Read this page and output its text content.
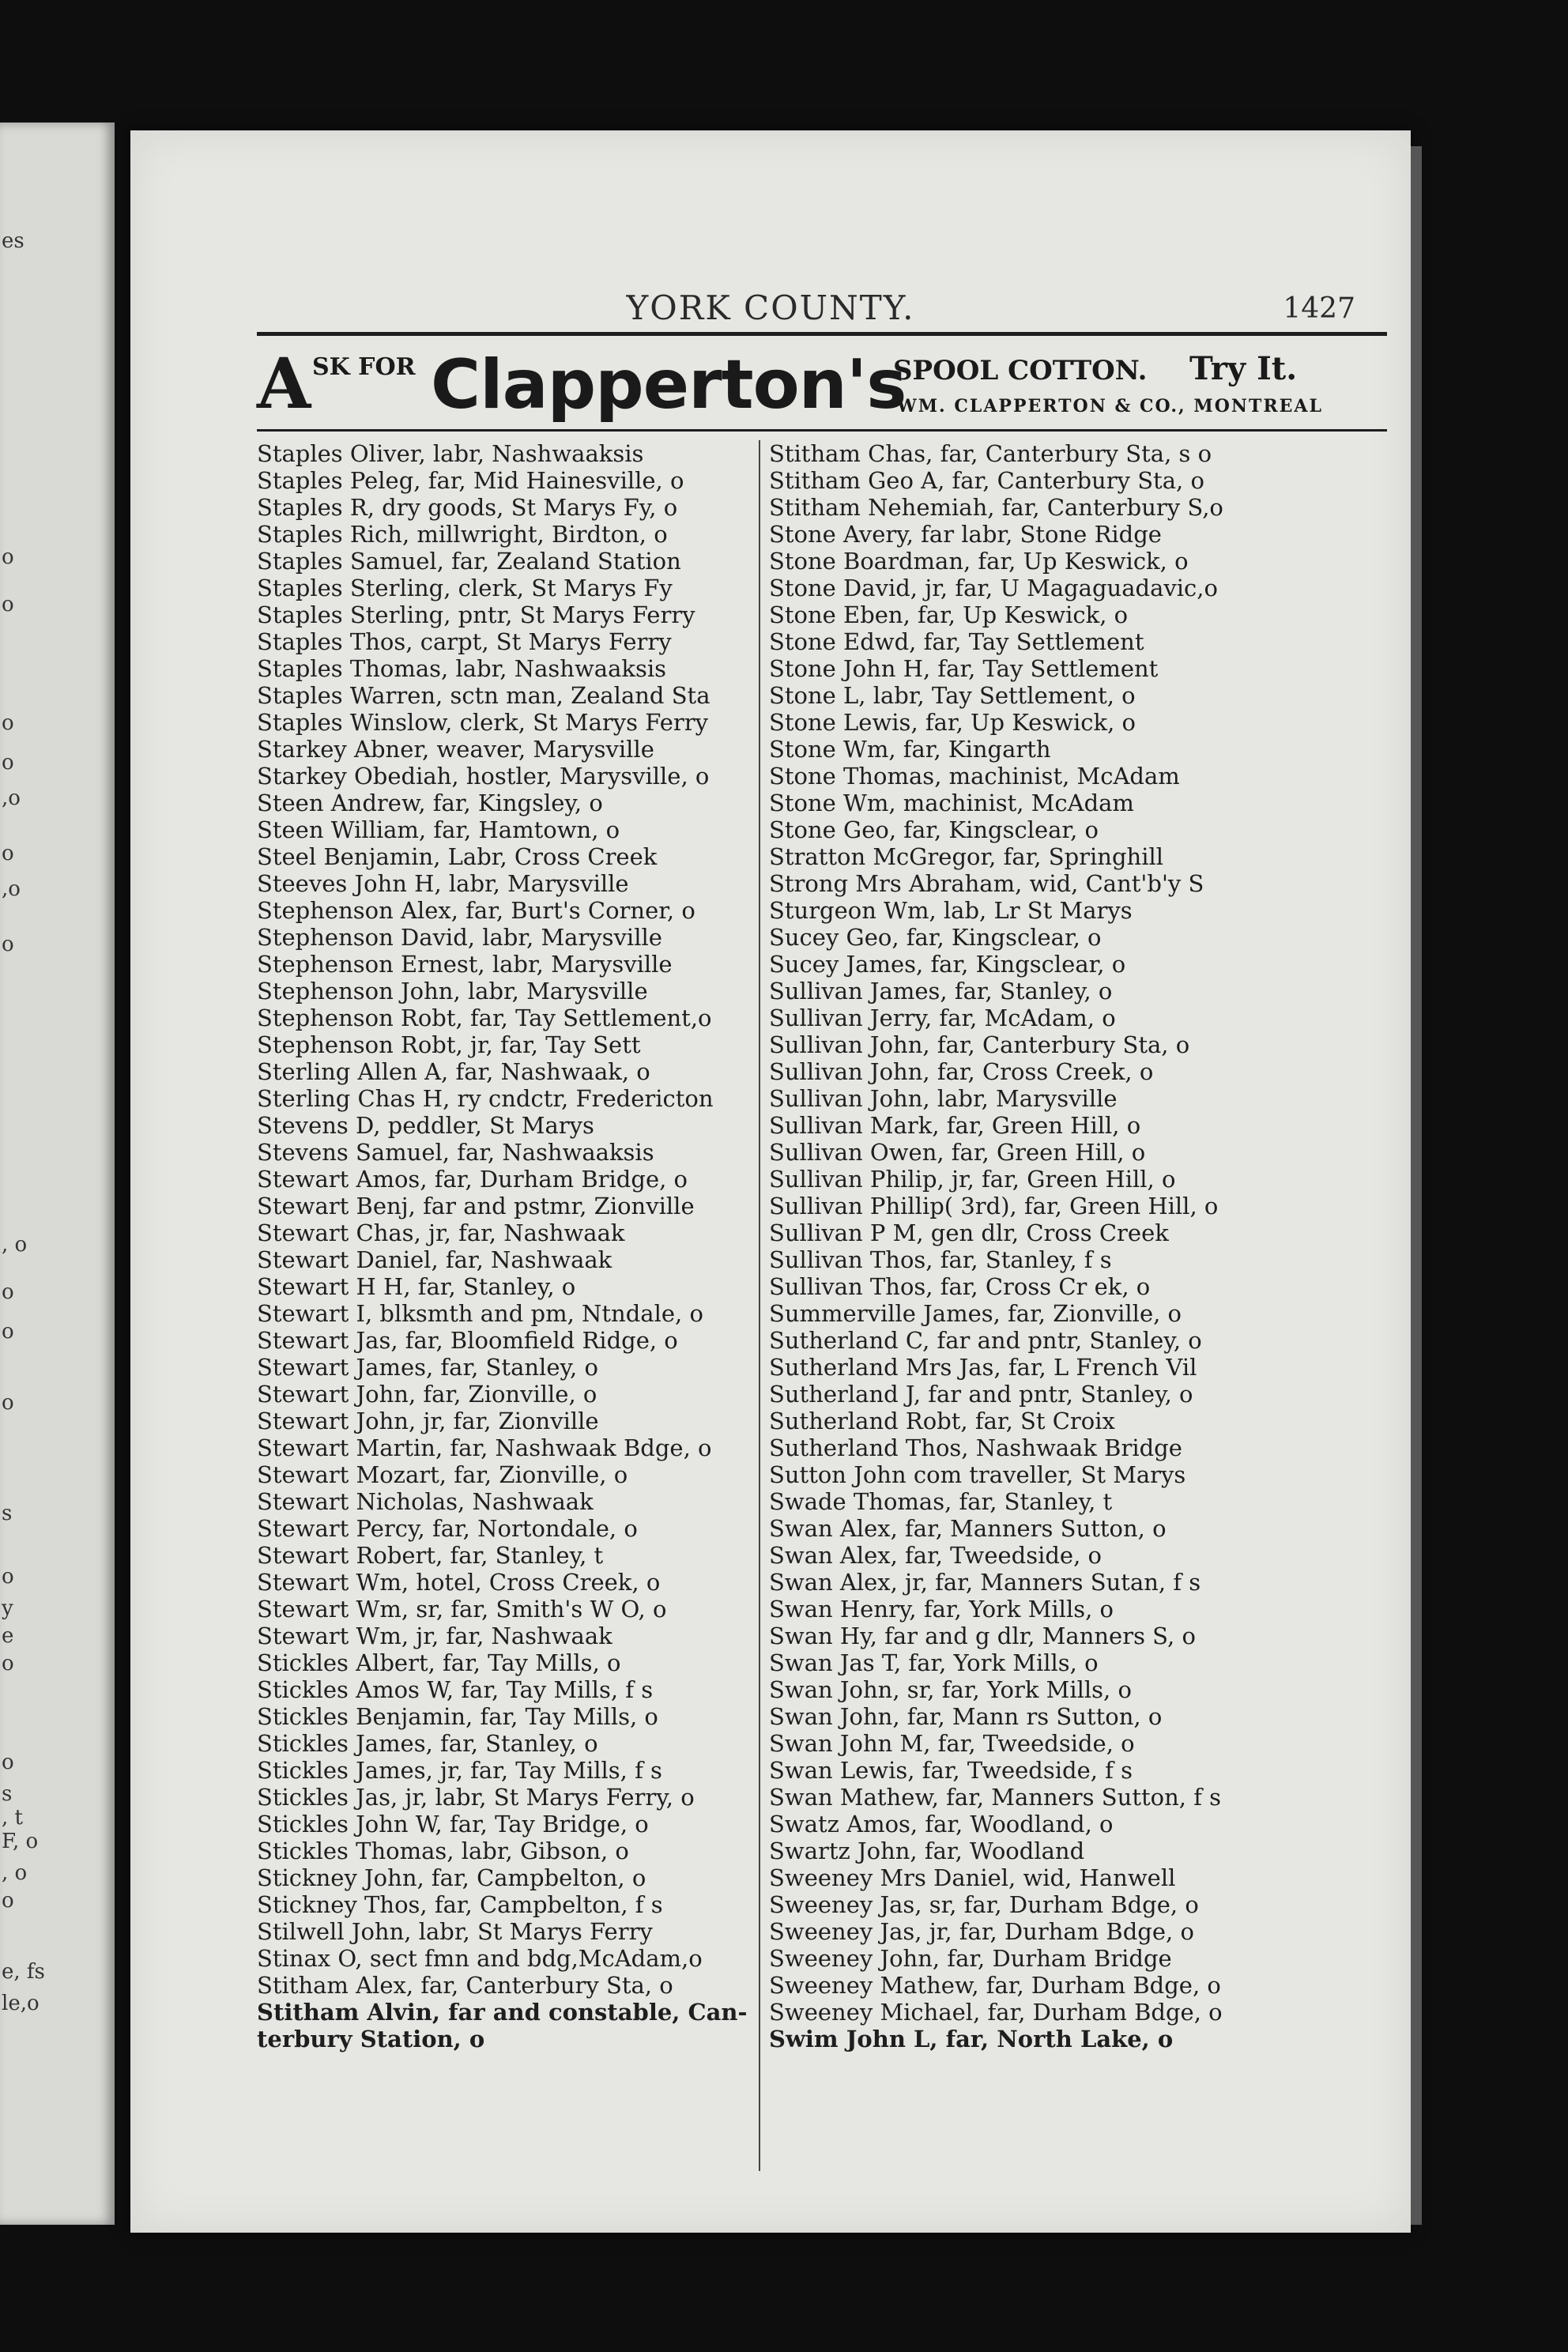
es
o
o
o
o
,o
o
,o
o
, o
o
o
o
s
o
y
e
o
o
s
, t
F, o
, o
o
e, fs
le,o
YORK COUNTY.	1427
A SK FOR Clapperton's
SPOOL COTTON. Try It.
WM. CLAPPERTON & CO., MONTREAL
Staples Oliver, labr, Nashwaaksis
Staples Peleg, far, Mid Hainesville, o
Staples R, dry goods, St Marys Fy, o
Staples Rich, millwright, Birdton, o
Staples Samuel, far, Zealand Station
Staples Sterling, clerk, St Marys Fy
Staples Sterling, pntr, St Marys Ferry
Staples Thos, carpt, St Marys Ferry
Staples Thomas, labr, Nashwaaksis
Staples Warren, sctn man, Zealand Sta
Staples Winslow, clerk, St Marys Ferry
Starkey Abner, weaver, Marysville
Starkey Obediah, hostler, Marysville, o
Steen Andrew, far, Kingsley, o
Steen William, far, Hamtown, o
Steel Benjamin, Labr, Cross Creek
Steeves John H, labr, Marysville
Stephenson Alex, far, Burt's Corner, o
Stephenson David, labr, Marysville
Stephenson Ernest, labr, Marysville
Stephenson John, labr, Marysville
Stephenson Robt, far, Tay Settlement,o
Stephenson Robt, jr, far, Tay Sett
Sterling Allen A, far, Nashwaak, o
Sterling Chas H, ry cndctr, Fredericton
Stevens D, peddler, St Marys
Stevens Samuel, far, Nashwaaksis
Stewart Amos, far, Durham Bridge, o
Stewart Benj, far and pstmr, Zionville
Stewart Chas, jr, far, Nashwaak
Stewart Daniel, far, Nashwaak
Stewart H H, far, Stanley, o
Stewart I, blksmth and pm, Ntndale, o
Stewart Jas, far, Bloomfield Ridge, o
Stewart James, far, Stanley, o
Stewart John, far, Zionville, o
Stewart John, jr, far, Zionville
Stewart Martin, far, Nashwaak Bdge, o
Stewart Mozart, far, Zionville, o
Stewart Nicholas, Nashwaak
Stewart Percy, far, Nortondale, o
Stewart Robert, far, Stanley, t
Stewart Wm, hotel, Cross Creek, o
Stewart Wm, sr, far, Smith's W O, o
Stewart Wm, jr, far, Nashwaak
Stickles Albert, far, Tay Mills, o
Stickles Amos W, far, Tay Mills, f s
Stickles Benjamin, far, Tay Mills, o
Stickles James, far, Stanley, o
Stickles James, jr, far, Tay Mills, f s
Stickles Jas, jr, labr, St Marys Ferry, o
Stickles John W, far, Tay Bridge, o
Stickles Thomas, labr, Gibson, o
Stickney John, far, Campbelton, o
Stickney Thos, far, Campbelton, f s
Stilwell John, labr, St Marys Ferry
Stinax O, sect fmn and bdg,McAdam,o
Stitham Alex, far, Canterbury Sta, o
Stitham Alvin, far and constable, Can-
terbury Station, o
Stitham Chas, far, Canterbury Sta, s o
Stitham Geo A, far, Canterbury Sta, o
Stitham Nehemiah, far, Canterbury S,o
Stone Avery, far labr, Stone Ridge
Stone Boardman, far, Up Keswick, o
Stone David, jr, far, U Magaguadavic,o
Stone Eben, far, Up Keswick, o
Stone Edwd, far, Tay Settlement
Stone John H, far, Tay Settlement
Stone L, labr, Tay Settlement, o
Stone Lewis, far, Up Keswick, o
Stone Wm, far, Kingarth
Stone Thomas, machinist, McAdam
Stone Wm, machinist, McAdam
Stone Geo, far, Kingsclear, o
Stratton McGregor, far, Springhill
Strong Mrs Abraham, wid, Cant'b'y S
Sturgeon Wm, lab, Lr St Marys
Sucey Geo, far, Kingsclear, o
Sucey James, far, Kingsclear, o
Sullivan James, far, Stanley, o
Sullivan Jerry, far, McAdam, o
Sullivan John, far, Canterbury Sta, o
Sullivan John, far, Cross Creek, o
Sullivan John, labr, Marysville
Sullivan Mark, far, Green Hill, o
Sullivan Owen, far, Green Hill, o
Sullivan Philip, jr, far, Green Hill, o
Sullivan Phillip( 3rd), far, Green Hill, o
Sullivan P M, gen dlr, Cross Creek
Sullivan Thos, far, Stanley, f s
Sullivan Thos, far, Cross Cr ek, o
Summerville James, far, Zionville, o
Sutherland C, far and pntr, Stanley, o
Sutherland Mrs Jas, far, L French Vil
Sutherland J, far and pntr, Stanley, o
Sutherland Robt, far, St Croix
Sutherland Thos, Nashwaak Bridge
Sutton John com traveller, St Marys
Swade Thomas, far, Stanley, t
Swan Alex, far, Manners Sutton, o
Swan Alex, far, Tweedside, o
Swan Alex, jr, far, Manners Sutan, f s
Swan Henry, far, York Mills, o
Swan Hy, far and g dlr, Manners S, o
Swan Jas T, far, York Mills, o
Swan John, sr, far, York Mills, o
Swan John, far, Mann rs Sutton, o
Swan John M, far, Tweedside, o
Swan Lewis, far, Tweedside, f s
Swan Mathew, far, Manners Sutton, f s
Swatz Amos, far, Woodland, o
Swartz John, far, Woodland
Sweeney Mrs Daniel, wid, Hanwell
Sweeney Jas, sr, far, Durham Bdge, o
Sweeney Jas, jr, far, Durham Bdge, o
Sweeney John, far, Durham Bridge
Sweeney Mathew, far, Durham Bdge, o
Sweeney Michael, far, Durham Bdge, o
Swim John L, far, North Lake, o
